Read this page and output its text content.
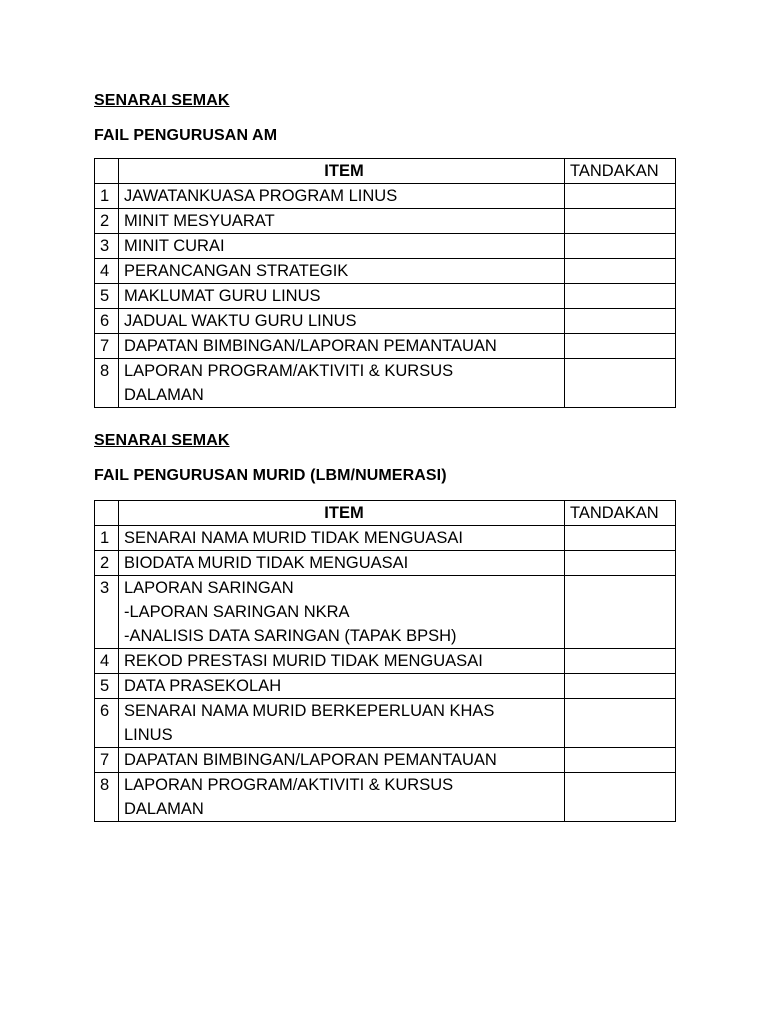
SENARAI SEMAK
FAIL PENGURUSAN AM
	ITEM	TANDAKAN
1	JAWATANKUASA PROGRAM LINUS	

2	MINIT MESYUARAT	

3	MINIT CURAI	

4	PERANCANGAN STRATEGIK	

5	MAKLUMAT GURU LINUS	

6	JADUAL WAKTU GURU LINUS	

7	DAPATAN BIMBINGAN/LAPORAN PEMANTAUAN	

8	LAPORAN PROGRAM/AKTIVITI & KURSUS
DALAMAN	

SENARAI SEMAK
FAIL PENGURUSAN MURID (LBM/NUMERASI)
	ITEM	TANDAKAN
1	SENARAI NAMA MURID TIDAK MENGUASAI	

2	BIODATA MURID TIDAK MENGUASAI	

3	LAPORAN SARINGAN
-LAPORAN SARINGAN NKRA
-ANALISIS DATA SARINGAN (TAPAK BPSH)	

4	REKOD PRESTASI MURID TIDAK MENGUASAI	

5	DATA PRASEKOLAH	

6	SENARAI NAMA MURID BERKEPERLUAN KHAS
LINUS	

7	DAPATAN BIMBINGAN/LAPORAN PEMANTAUAN	

8	LAPORAN PROGRAM/AKTIVITI & KURSUS
DALAMAN	
